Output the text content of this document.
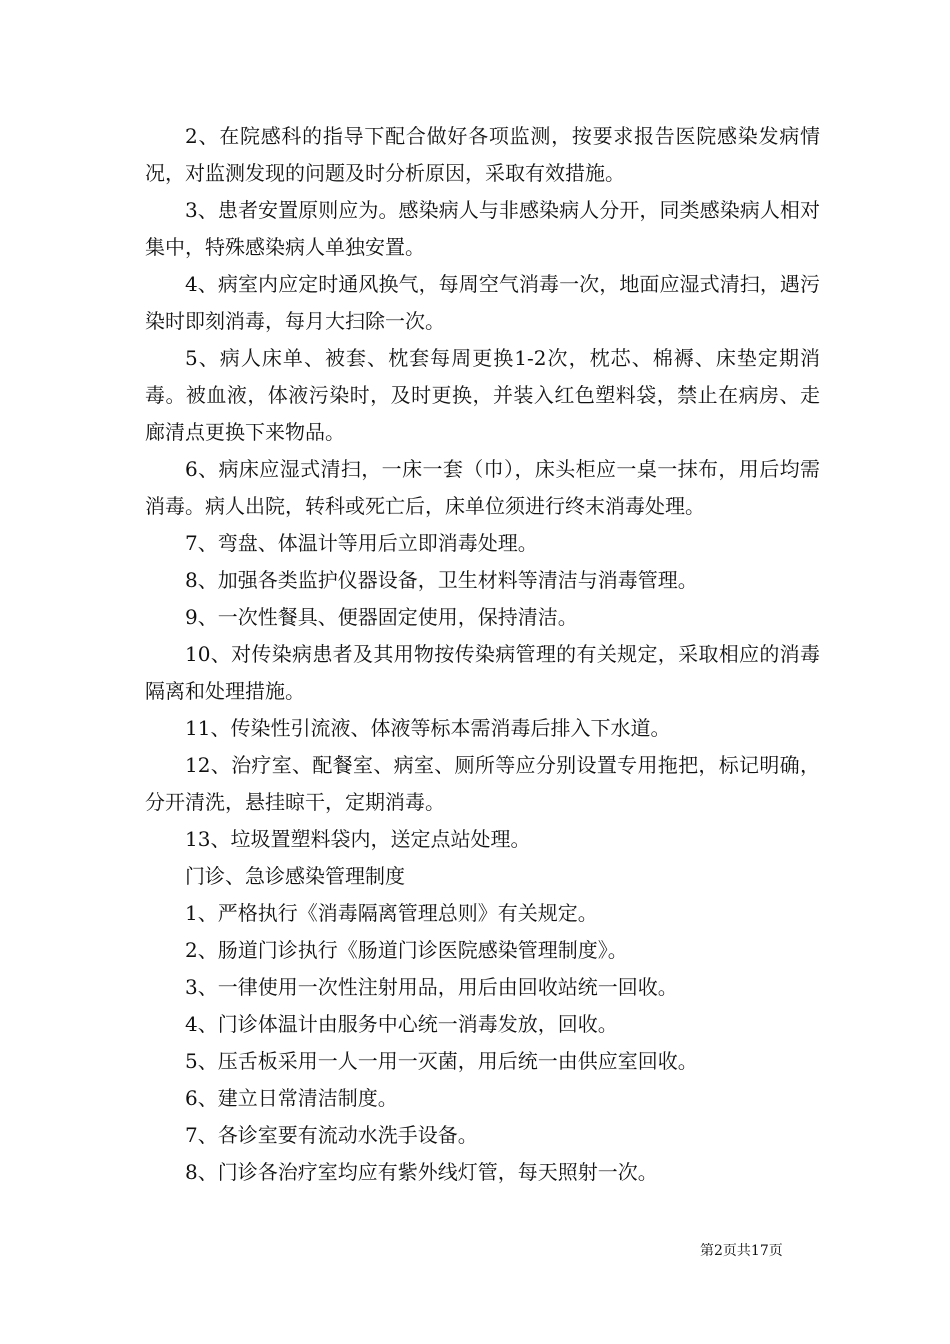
2、在院感科的指导下配合做好各项监测，按要求报告医院感染发病情况，对监测发现的问题及时分析原因，采取有效措施。

3、患者安置原则应为。感染病人与非感染病人分开，同类感染病人相对集中，特殊感染病人单独安置。

4、病室内应定时通风换气，每周空气消毒一次，地面应湿式清扫，遇污染时即刻消毒，每月大扫除一次。

5、病人床单、被套、枕套每周更换1-2次，枕芯、棉褥、床垫定期消毒。被血液，体液污染时，及时更换，并装入红色塑料袋，禁止在病房、走廊清点更换下来物品。

6、病床应湿式清扫，一床一套（巾），床头柜应一桌一抹布，用后均需消毒。病人出院，转科或死亡后，床单位须进行终末消毒处理。

7、弯盘、体温计等用后立即消毒处理。

8、加强各类监护仪器设备，卫生材料等清洁与消毒管理。

9、一次性餐具、便器固定使用，保持清洁。

10、对传染病患者及其用物按传染病管理的有关规定，采取相应的消毒隔离和处理措施。

11、传染性引流液、体液等标本需消毒后排入下水道。

12、治疗室、配餐室、病室、厕所等应分别设置专用拖把，标记明确，分开清洗，悬挂晾干，定期消毒。

13、垃圾置塑料袋内，送定点站处理。

门诊、急诊感染管理制度

1、严格执行《消毒隔离管理总则》有关规定。

2、肠道门诊执行《肠道门诊医院感染管理制度》。

3、一律使用一次性注射用品，用后由回收站统一回收。

4、门诊体温计由服务中心统一消毒发放，回收。

5、压舌板采用一人一用一灭菌，用后统一由供应室回收。

6、建立日常清洁制度。

7、各诊室要有流动水洗手设备。

8、门诊各治疗室均应有紫外线灯管，每天照射一次。

第2页共17页
